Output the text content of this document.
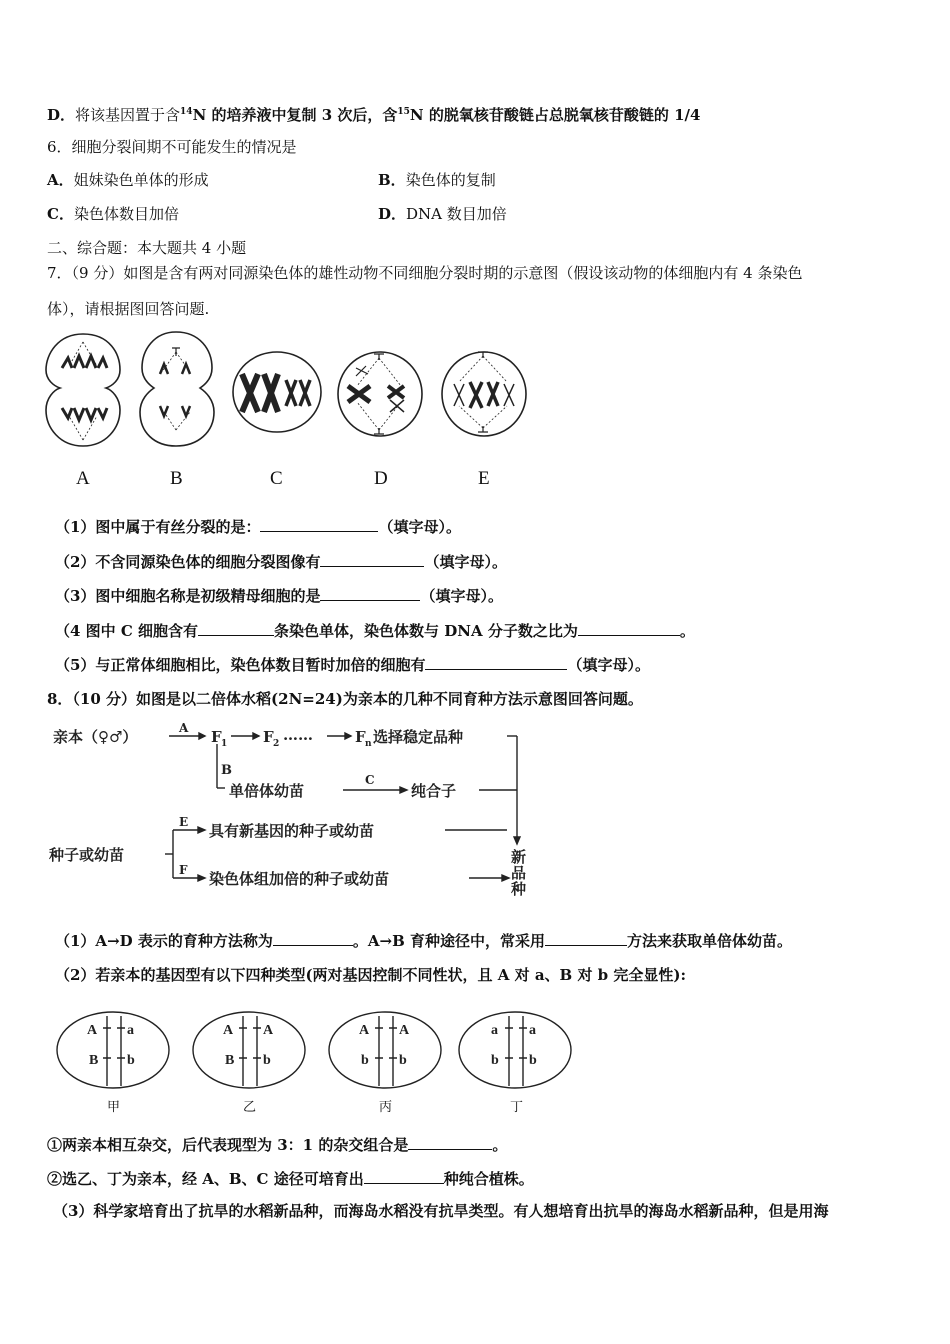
D．将该基因置于含$^{14}$N 的培养液中复制 3 次后，含$^{15}$N 的脱氧核苷酸链占总脱氧核苷酸链的 1/4
6．细胞分裂间期不可能发生的情况是
A．姐妹染色单体的形成	B．染色体的复制
C．染色体数目加倍	D．DNA 数目加倍
二、综合题：本大题共 4 小题
7．（9 分）如图是含有两对同源染色体的雄性动物不同细胞分裂时期的示意图（假设该动物的体细胞内有 4 条染色
体），请根据图回答问题.
A	B	C	D	E
（1）图中属于有丝分裂的是：	（填字母）。
（2）不含同源染色体的细胞分裂图像有	（填字母）。
（3）图中细胞名称是初级精母细胞的是	（填字母）。
（4 图中 C 细胞含有	条染色单体，染色体数与 DNA 分子数之比为	。
（5）与正常体细胞相比，染色体数目暂时加倍的细胞有	（填字母）。
8．（10 分）如图是以二倍体水稻(2N=24)为亲本的几种不同育种方法示意图回答问题。
亲本（♀♂）	A F 1 F 2 ……	F n 选择稳定品种
B
单倍体幼苗
C
纯合子
种子或幼苗
E 具有新基因的种子或幼苗
F 染色体组加倍的种子或幼苗
新
品
种
（1）A→D 表示的育种方法称为	。A→B 育种途径中，常采用	方法来获取单倍体幼苗。
（2）若亲本的基因型有以下四种类型(两对基因控制不同性状，且 A 对 a、B 对 b 完全显性):
A a
B b
A A
B b
A A
b b
a a
b b
甲	乙	丙	丁
①两亲本相互杂交，后代表现型为 3：1 的杂交组合是	。
②选乙、丁为亲本，经 A、B、C 途径可培育出	种纯合植株。
（3）科学家培育出了抗旱的水稻新品种，而海岛水稻没有抗旱类型。有人想培育出抗旱的海岛水稻新品种，但是用海
